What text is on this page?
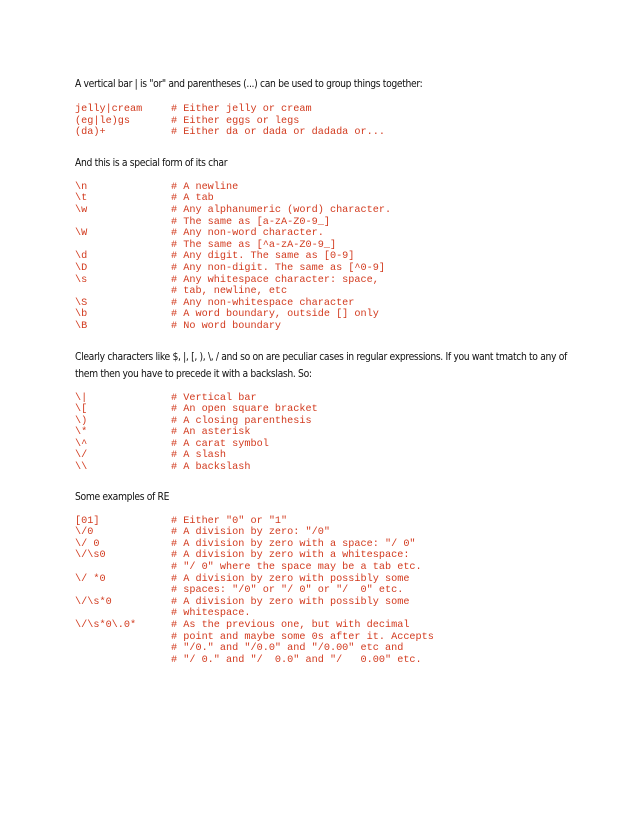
A vertical bar | is "or" and parentheses (...) can be used to group things together:

jelly|cream	# Either jelly or cream
(eg|le)gs	# Either eggs or legs
(da)+	# Either da or dada or dadada or...

And this is a special form of its char

\n	# A newline
\t	# A tab
\w	# Any alphanumeric (word) character.
# The same as [a-zA-Z0-9_]
\W	# Any non-word character.
# The same as [^a-zA-Z0-9_]
\d	# Any digit. The same as [0-9]
\D	# Any non-digit. The same as [^0-9]
\s	# Any whitespace character: space,
# tab, newline, etc
\S	# Any non-whitespace character
\b	# A word boundary, outside [] only
\B	# No word boundary

Clearly characters like $, |, [, ), \, / and so on are peculiar cases in regular expressions. If you want tmatch to any of them then you have to precede it with a backslash. So:

\|	# Vertical bar
\[	# An open square bracket
\)	# A closing parenthesis
\*	# An asterisk
\^	# A carat symbol
\/	# A slash
\\	# A backslash

Some examples of RE

[01]	# Either "0" or "1"
\/0	# A division by zero: "/0"
\/ 0	# A division by zero with a space: "/ 0"
\/\s0	# A division by zero with a whitespace:
# "/ 0" where the space may be a tab etc.
\/ *0	# A division by zero with possibly some
# spaces: "/0" or "/ 0" or "/  0" etc.
\/\s*0	# A division by zero with possibly some
# whitespace.
\/\s*0\.0*	# As the previous one, but with decimal
# point and maybe some 0s after it. Accepts
# "/0." and "/0.0" and "/0.00" etc and
# "/ 0." and "/  0.0" and "/   0.00" etc.
